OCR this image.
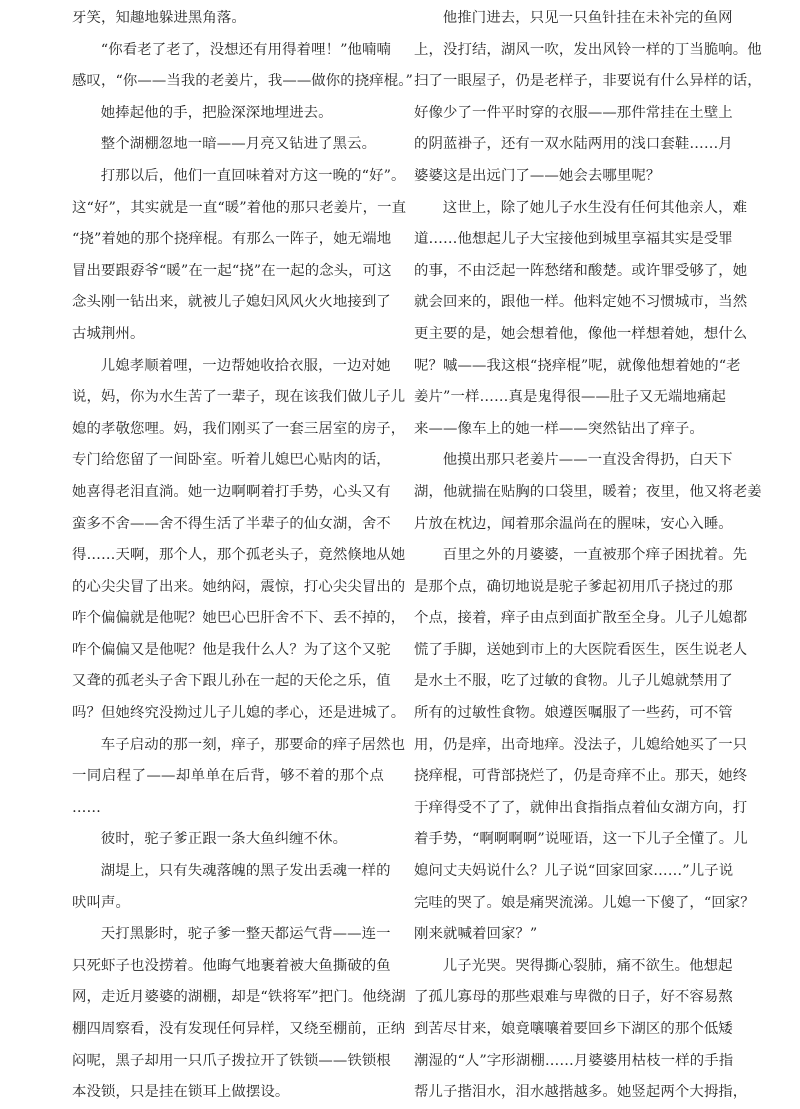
牙笑，知趣地躲进黑角落。
“你看老了老了，没想还有用得着哩！”他喃喃
感叹，“你——当我的老姜片，我——做你的挠痒棍。”
她捧起他的手，把脸深深地埋进去。
整个湖棚忽地一暗——月亮又钻进了黑云。
打那以后，他们一直回味着对方这一晚的“好”。
这“好”，其实就是一直“暖”着他的那只老姜片，一直
“挠”着她的那个挠痒棍。有那么一阵子，她无端地
冒出要跟孬爷“暖”在一起“挠”在一起的念头，可这
念头刚一钻出来，就被儿子媳妇风风火火地接到了
古城荆州。
儿媳孝顺着哩，一边帮她收拾衣服，一边对她
说，妈，你为水生苦了一辈子，现在该我们做儿子儿
媳的孝敬您哩。妈，我们刚买了一套三居室的房子，
专门给您留了一间卧室。听着儿媳巴心贴肉的话，
她喜得老泪直淌。她一边啊啊着打手势，心头又有
蛮多不舍——舍不得生活了半辈子的仙女湖，舍不
得……天啊，那个人，那个孤老头子，竟然倏地从她
的心尖尖冒了出来。她纳闷，震惊，打心尖尖冒出的
咋个偏偏就是他呢？她巴心巴肝舍不下、丢不掉的，
咋个偏偏又是他呢？他是我什么人？为了这个又驼
又聋的孤老头子舍下跟儿孙在一起的天伦之乐，值
吗？但她终究没拗过儿子儿媳的孝心，还是进城了。
车子启动的那一刻，痒子，那要命的痒子居然也
一同启程了——却单单在后背，够不着的那个点
……
彼时，驼子爹正跟一条大鱼纠缠不休。
湖堤上，只有失魂落魄的黑子发出丢魂一样的
吠叫声。
天打黑影时，驼子爹一整天都运气背——连一
只死虾子也没捞着。他晦气地裹着被大鱼撕破的鱼
网，走近月婆婆的湖棚，却是“铁将军”把门。他绕湖
棚四周察看，没有发现任何异样，又绕至棚前，正纳
闷呢，黑子却用一只爪子拨拉开了铁锁——铁锁根
本没锁，只是挂在锁耳上做摆设。
他推门进去，只见一只鱼针挂在未补完的鱼网
上，没打结，湖风一吹，发出风铃一样的丁当脆响。他
扫了一眼屋子，仍是老样子，非要说有什么异样的话，
好像少了一件平时穿的衣服——那件常挂在土壁上
的阴蓝褂子，还有一双水陆两用的浅口套鞋……月
婆婆这是出远门了——她会去哪里呢？
这世上，除了她儿子水生没有任何其他亲人，难
道……他想起儿子大宝接他到城里享福其实是受罪
的事，不由泛起一阵愁绪和酸楚。或许罪受够了，她
就会回来的，跟他一样。他料定她不习惯城市，当然
更主要的是，她会想着他，像他一样想着她，想什么
呢？嘁——我这根“挠痒棍”呢，就像他想着她的“老
姜片”一样……真是鬼得很——肚子又无端地痛起
来——像车上的她一样——突然钻出了痒子。
他摸出那只老姜片——一直没舍得扔，白天下
湖，他就揣在贴胸的口袋里，暖着；夜里，他又将老姜
片放在枕边，闻着那余温尚在的腥味，安心入睡。
百里之外的月婆婆，一直被那个痒子困扰着。先
是那个点，确切地说是驼子爹起初用爪子挠过的那
个点，接着，痒子由点到面扩散至全身。儿子儿媳都
慌了手脚，送她到市上的大医院看医生，医生说老人
是水土不服，吃了过敏的食物。儿子儿媳就禁用了
所有的过敏性食物。娘遵医嘱服了一些药，可不管
用，仍是痒，出奇地痒。没法子，儿媳给她买了一只
挠痒棍，可背部挠烂了，仍是奇痒不止。那天，她终
于痒得受不了了，就伸出食指指点着仙女湖方向，打
着手势，“啊啊啊啊”说哑语，这一下儿子全懂了。儿
媳问丈夫妈说什么？儿子说“回家回家……”儿子说
完哇的哭了。娘是痛哭流涕。儿媳一下傻了，“回家？
刚来就喊着回家？”
儿子光哭。哭得撕心裂肺，痛不欲生。他想起
了孤儿寡母的那些艰难与卑微的日子，好不容易熬
到苦尽甘来，娘竟嚷嚷着要回乡下湖区的那个低矮
潮湿的“人”字形湖棚……月婆婆用枯枝一样的手指
帮儿子揩泪水，泪水越揩越多。她竖起两个大拇指，
